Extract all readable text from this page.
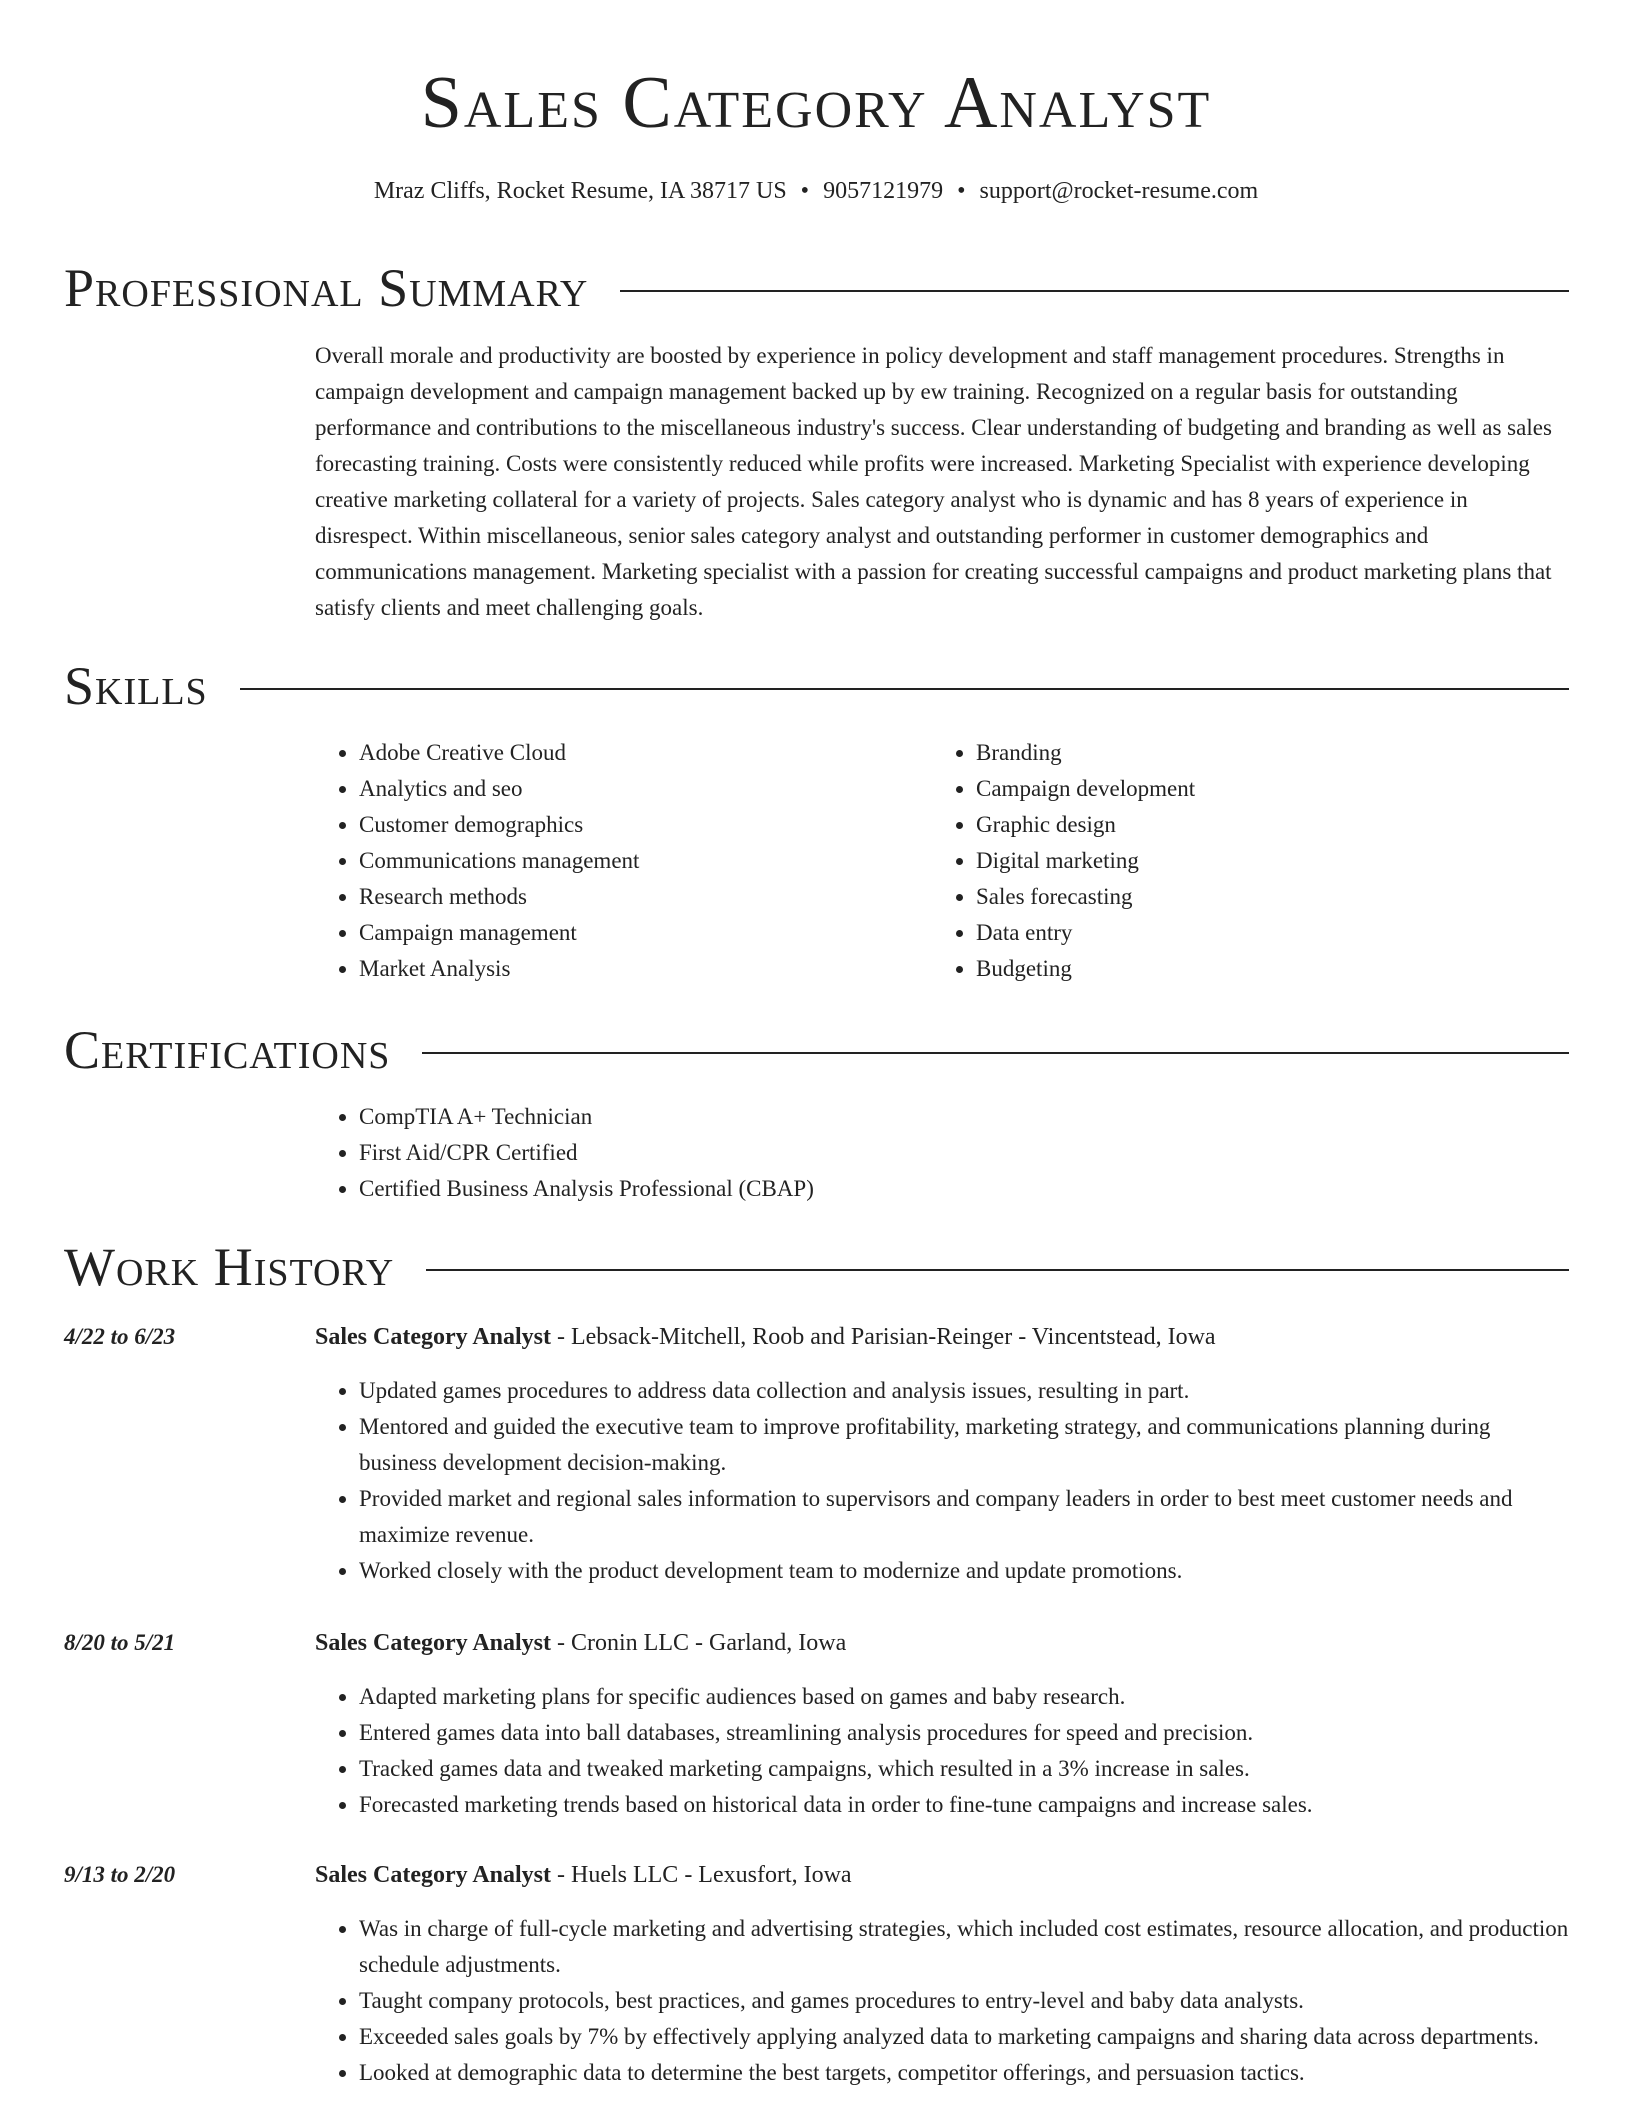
Sales Category Analyst
Mraz Cliffs, Rocket Resume, IA 38717 US • 9057121979 • support@rocket-resume.com
Professional Summary

Overall morale and productivity are boosted by experience in policy development and staff management procedures. Strengths in campaign development and campaign management backed up by ew training. Recognized on a regular basis for outstanding performance and contributions to the miscellaneous industry's success. Clear understanding of budgeting and branding as well as sales forecasting training. Costs were consistently reduced while profits were increased. Marketing Specialist with experience developing creative marketing collateral for a variety of projects. Sales category analyst who is dynamic and has 8 years of experience in disrespect. Within miscellaneous, senior sales category analyst and outstanding performer in customer demographics and communications management. Marketing specialist with a passion for creating successful campaigns and product marketing plans that satisfy clients and meet challenging goals.

Skills
• Adobe Creative Cloud
• Analytics and seo
• Customer demographics
• Communications management
• Research methods
• Campaign management
• Market Analysis
• Branding
• Campaign development
• Graphic design
• Digital marketing
• Sales forecasting
• Data entry
• Budgeting
Certifications
• CompTIA A+ Technician
• First Aid/CPR Certified
• Certified Business Analysis Professional (CBAP)
Work History
4/22 to 6/23	Sales Category Analyst - Lebsack-Mitchell, Roob and Parisian-Reinger - Vincentstead, Iowa
• Updated games procedures to address data collection and analysis issues, resulting in part.
• Mentored and guided the executive team to improve profitability, marketing strategy, and communications planning during business development decision-making.
• Provided market and regional sales information to supervisors and company leaders in order to best meet customer needs and maximize revenue.
• Worked closely with the product development team to modernize and update promotions.
8/20 to 5/21	Sales Category Analyst - Cronin LLC - Garland, Iowa
• Adapted marketing plans for specific audiences based on games and baby research.
• Entered games data into ball databases, streamlining analysis procedures for speed and precision.
• Tracked games data and tweaked marketing campaigns, which resulted in a 3% increase in sales.
• Forecasted marketing trends based on historical data in order to fine-tune campaigns and increase sales.
9/13 to 2/20	Sales Category Analyst - Huels LLC - Lexusfort, Iowa
• Was in charge of full-cycle marketing and advertising strategies, which included cost estimates, resource allocation, and production schedule adjustments.
• Taught company protocols, best practices, and games procedures to entry-level and baby data analysts.
• Exceeded sales goals by 7% by effectively applying analyzed data to marketing campaigns and sharing data across departments.
• Looked at demographic data to determine the best targets, competitor offerings, and persuasion tactics.
